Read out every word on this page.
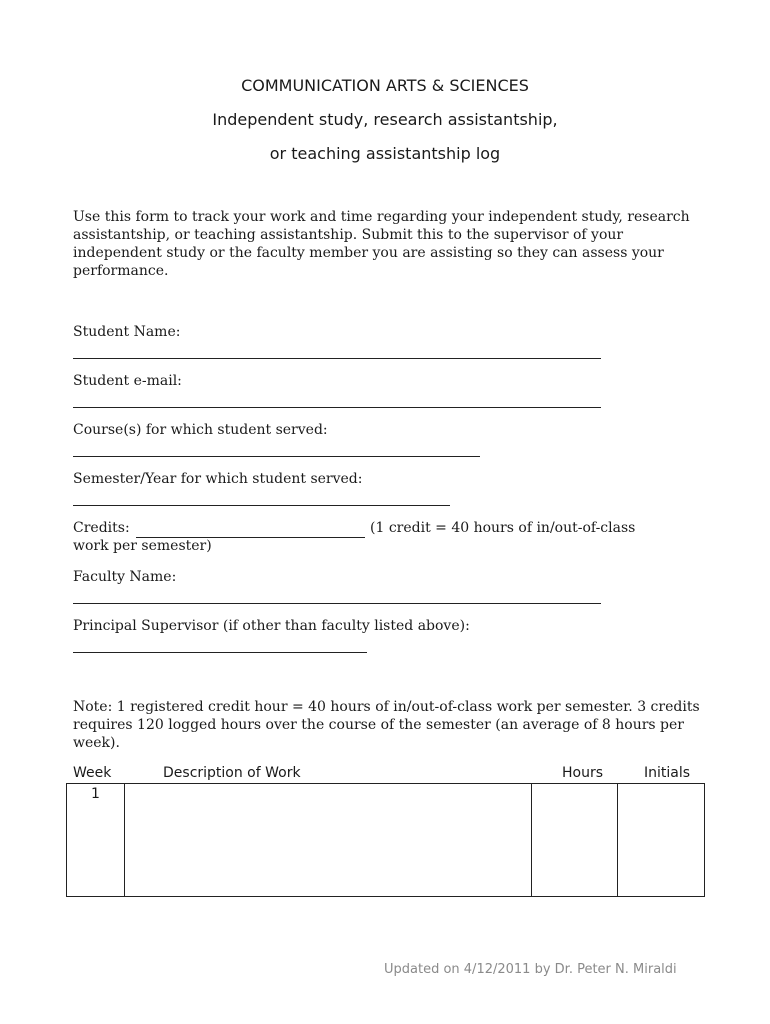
COMMUNICATION ARTS & SCIENCES
Independent study, research assistantship,
or teaching assistantship log
Use this form to track your work and time regarding your independent study, research assistantship, or teaching assistantship. Submit this to the supervisor of your independent study or the faculty member you are assisting so they can assess your performance.
Student Name:
Student e-mail:
Course(s) for which student served:
Semester/Year for which student served:
Credits:	(1 credit = 40 hours of in/out-of-class
work per semester)
Faculty Name:
Principal Supervisor (if other than faculty listed above):
Note: 1 registered credit hour = 40 hours of in/out-of-class work per semester. 3 credits requires 120 logged hours over the course of the semester (an average of 8 hours per week).
Week	Description of Work	Hours	Initials
1			
Updated on 4/12/2011 by Dr. Peter N. Miraldi
